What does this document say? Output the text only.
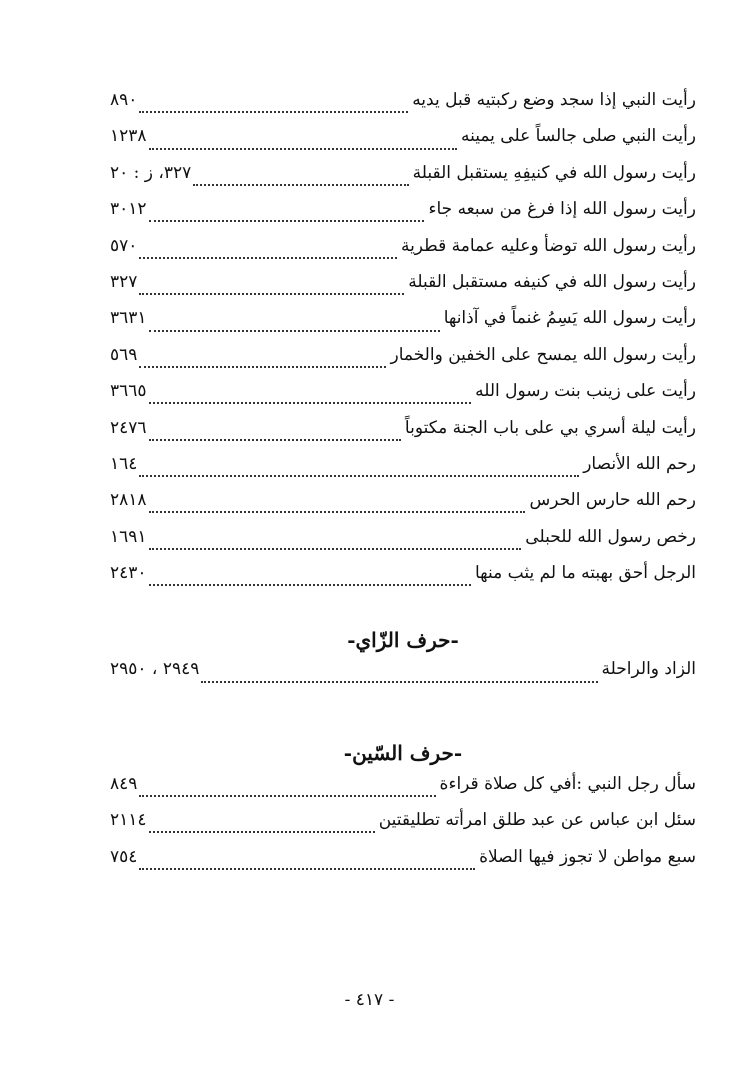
رأيت النبي إذا سجد وضع ركبتيه قبل يديه
٨٩٠
رأيت النبي صلى جالساً على يمينه
١٢٣٨
رأيت رسول الله في كنيفِهِ يستقبل القبلة
٣٢٧، ز : ٢٠
رأيت رسول الله إذا فرغ من سبعه جاء
٣٠١٢
رأيت رسول الله توضأ وعليه عمامة قطرية
٥٧٠
رأيت رسول الله في كنيفه مستقبل القبلة
٣٢٧
رأيت رسول الله يَسِمُ غنماً في آذانها
٣٦٣١
رأيت رسول الله يمسح على الخفين والخمار
٥٦٩
رأيت على زينب بنت رسول الله
٣٦٦٥
رأيت ليلة أسري بي على باب الجنة مكتوباً
٢٤٧٦
رحم الله الأنصار
١٦٤
رحم الله حارس الحرس
٢٨١٨
رخص رسول الله للحبلى
١٦٩١
الرجل أحق بهبته ما لم يثب منها
٢٤٣٠
-حرف الزّاي-
الزاد والراحلة
٢٩٤٩ ، ٢٩٥٠
-حرف السّين-
سأل رجل النبي :أفي كل صلاة قراءة
٨٤٩
سئل ابن عباس عن عبد طلق امرأته تطليقتين
٢١١٤
سبع مواطن لا تجوز فيها الصلاة
٧٥٤
- ٤١٧ -
